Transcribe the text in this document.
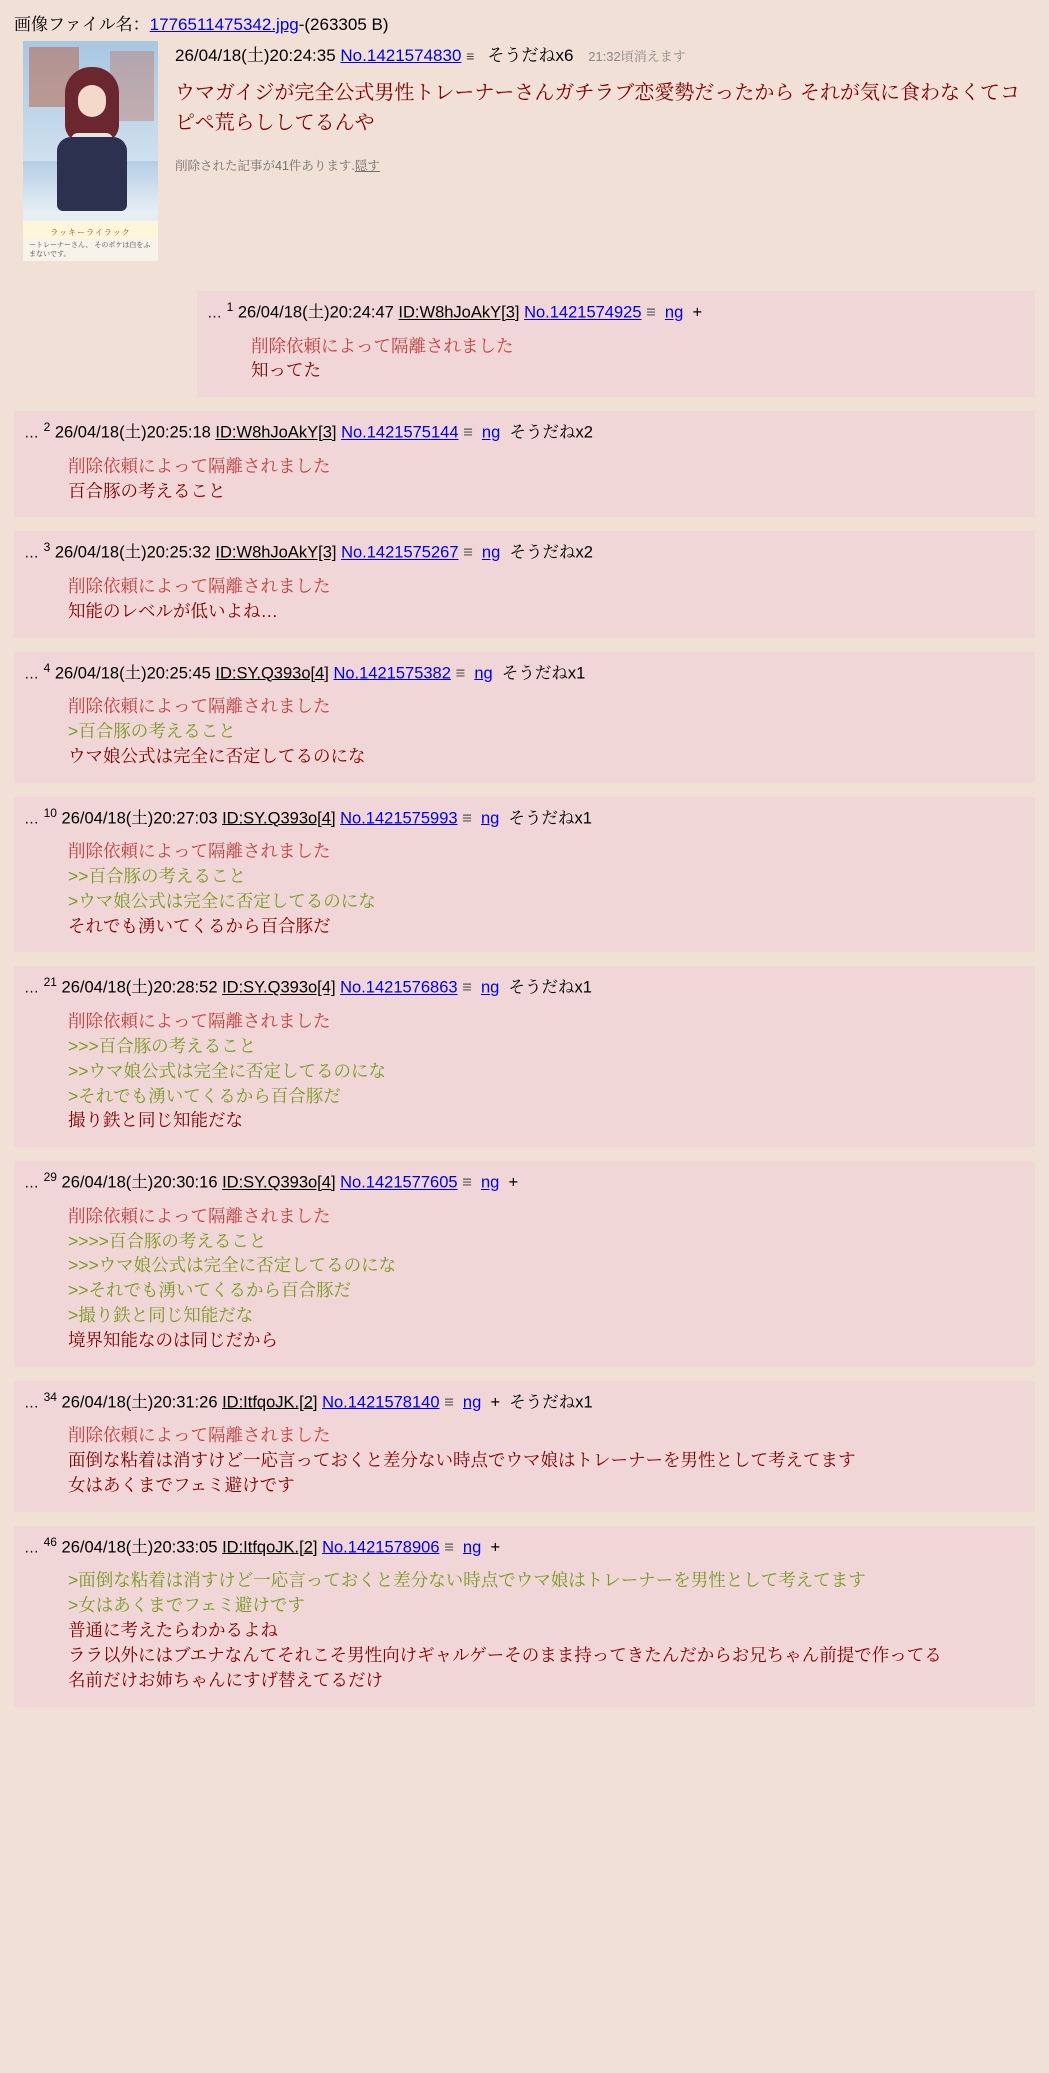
画像ファイル名：1776511475342.jpg-(263305 B)
ラッキーライラック
ートレーナーさん、 そのポケは白をふまないです。
26/04/18(土)20:24:35 No.1421574830 ≡ そうだねx6 21:32頃消えます
ウマガイジが完全公式男性トレーナーさんガチラブ恋愛勢だったから それが気に食わなくてコピペ荒らししてるんや
削除された記事が41件あります.隠す
… $^1$ 26/04/18(土)20:24:47 ID:W8hJoAkY[3] No.1421574925 ≡ ng +
削除依頼によって隔離されました
知ってた
… $^2$ 26/04/18(土)20:25:18 ID:W8hJoAkY[3] No.1421575144 ≡ ng そうだねx2
削除依頼によって隔離されました
百合豚の考えること
… $^3$ 26/04/18(土)20:25:32 ID:W8hJoAkY[3] No.1421575267 ≡ ng そうだねx2
削除依頼によって隔離されました
知能のレベルが低いよね…
… $^4$ 26/04/18(土)20:25:45 ID:SY.Q393o[4] No.1421575382 ≡ ng そうだねx1
削除依頼によって隔離されました
>百合豚の考えること
ウマ娘公式は完全に否定してるのにな
… $^{10}$ 26/04/18(土)20:27:03 ID:SY.Q393o[4] No.1421575993 ≡ ng そうだねx1
削除依頼によって隔離されました
>>百合豚の考えること
>ウマ娘公式は完全に否定してるのにな
それでも湧いてくるから百合豚だ
… $^{21}$ 26/04/18(土)20:28:52 ID:SY.Q393o[4] No.1421576863 ≡ ng そうだねx1
削除依頼によって隔離されました
>>>百合豚の考えること
>>ウマ娘公式は完全に否定してるのにな
>それでも湧いてくるから百合豚だ
撮り鉄と同じ知能だな
… $^{29}$ 26/04/18(土)20:30:16 ID:SY.Q393o[4] No.1421577605 ≡ ng +
削除依頼によって隔離されました
>>>>百合豚の考えること
>>>ウマ娘公式は完全に否定してるのにな
>>それでも湧いてくるから百合豚だ
>撮り鉄と同じ知能だな
境界知能なのは同じだから
… $^{34}$ 26/04/18(土)20:31:26 ID:ItfqoJK.[2] No.1421578140 ≡ ng + そうだねx1
削除依頼によって隔離されました
面倒な粘着は消すけど一応言っておくと差分ない時点でウマ娘はトレーナーを男性として考えてます
女はあくまでフェミ避けです
… $^{46}$ 26/04/18(土)20:33:05 ID:ItfqoJK.[2] No.1421578906 ≡ ng +
>面倒な粘着は消すけど一応言っておくと差分ない時点でウマ娘はトレーナーを男性として考えてます
>女はあくまでフェミ避けです
普通に考えたらわかるよね
ララ以外にはブエナなんてそれこそ男性向けギャルゲーそのまま持ってきたんだからお兄ちゃん前提で作ってる
名前だけお姉ちゃんにすげ替えてるだけ
